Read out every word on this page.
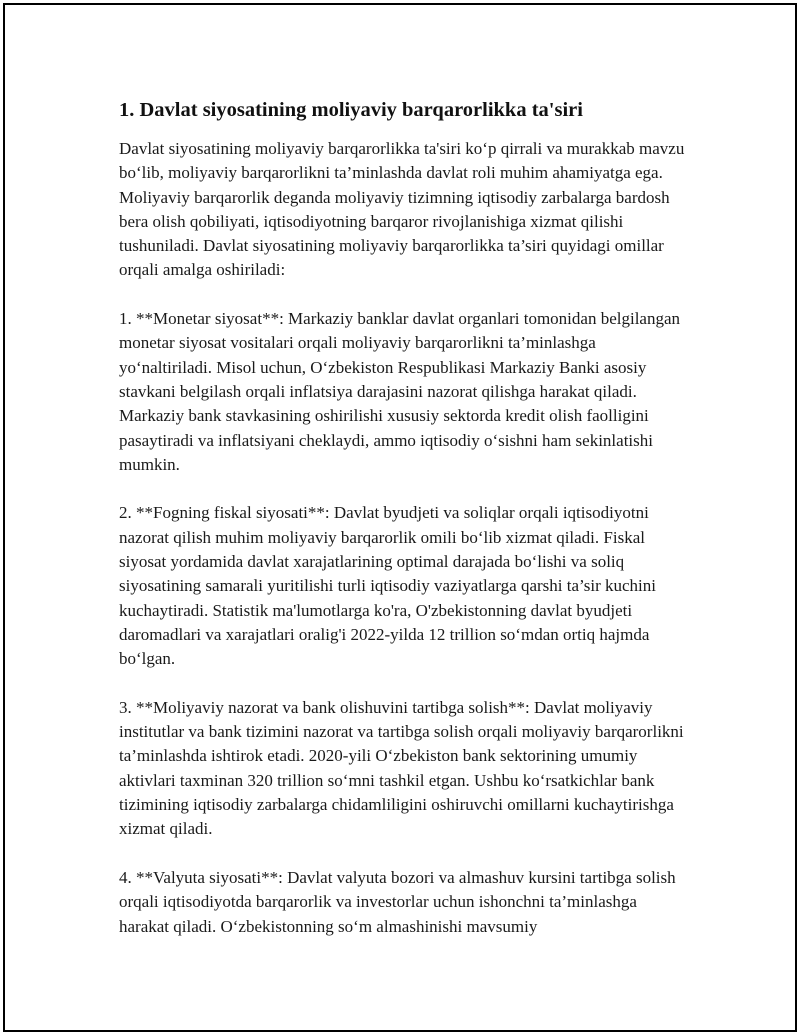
1. Davlat siyosatining moliyaviy barqarorlikka ta'siri

Davlat siyosatining moliyaviy barqarorlikka ta'siri ko‘p qirrali va murakkab mavzu bo‘lib, moliyaviy barqarorlikni ta’minlashda davlat roli muhim ahamiyatga ega. Moliyaviy barqarorlik deganda moliyaviy tizimning iqtisodiy zarbalarga bardosh bera olish qobiliyati, iqtisodiyotning barqaror rivojlanishiga xizmat qilishi tushuniladi. Davlat siyosatining moliyaviy barqarorlikka ta’siri quyidagi omillar orqali amalga oshiriladi:

1. **Monetar siyosat**: Markaziy banklar davlat organlari tomonidan belgilangan monetar siyosat vositalari orqali moliyaviy barqarorlikni ta’minlashga yo‘naltiriladi. Misol uchun, O‘zbekiston Respublikasi Markaziy Banki asosiy stavkani belgilash orqali inflatsiya darajasini nazorat qilishga harakat qiladi. Markaziy bank stavkasining oshirilishi xususiy sektorda kredit olish faolligini pasaytiradi va inflatsiyani cheklaydi, ammo iqtisodiy o‘sishni ham sekinlatishi mumkin.

2. **Fogning fiskal siyosati**: Davlat byudjeti va soliqlar orqali iqtisodiyotni nazorat qilish muhim moliyaviy barqarorlik omili bo‘lib xizmat qiladi. Fiskal siyosat yordamida davlat xarajatlarining optimal darajada bo‘lishi va soliq siyosatining samarali yuritilishi turli iqtisodiy vaziyatlarga qarshi ta’sir kuchini kuchaytiradi. Statistik ma'lumotlarga ko'ra, O'zbekistonning davlat byudjeti daromadlari va xarajatlari oralig'i 2022-yilda 12 trillion so‘mdan ortiq hajmda bo‘lgan.

3. **Moliyaviy nazorat va bank olishuvini tartibga solish**: Davlat moliyaviy institutlar va bank tizimini nazorat va tartibga solish orqali moliyaviy barqarorlikni ta’minlashda ishtirok etadi. 2020-yili O‘zbekiston bank sektorining umumiy aktivlari taxminan 320 trillion so‘mni tashkil etgan. Ushbu ko‘rsatkichlar bank tizimining iqtisodiy zarbalarga chidamliligini oshiruvchi omillarni kuchaytirishga xizmat qiladi.

4. **Valyuta siyosati**: Davlat valyuta bozori va almashuv kursini tartibga solish orqali iqtisodiyotda barqarorlik va investorlar uchun ishonchni ta’minlashga harakat qiladi. O‘zbekistonning so‘m almashinishi mavsumiy
